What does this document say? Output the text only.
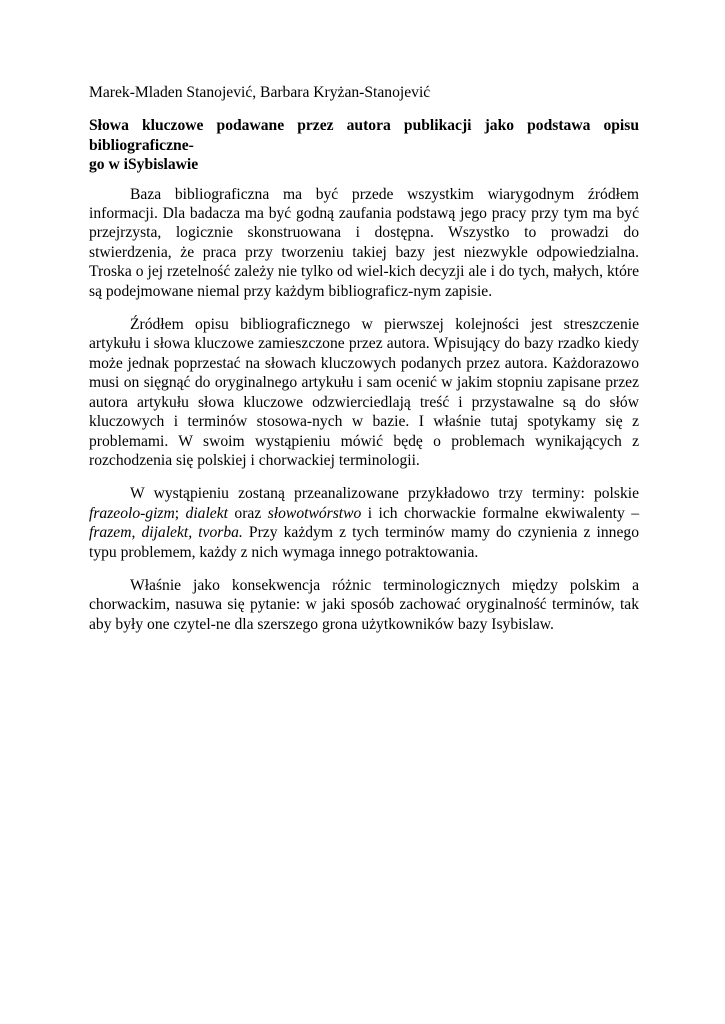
Marek-Mladen Stanojević, Barbara Kryżan-Stanojević

Słowa kluczowe podawane przez autora publikacji jako podstawa opisu bibliograficzne-
go w iSybislawie

Baza bibliograficzna ma być przede wszystkim wiarygodnym źródłem informacji. Dla badacza ma być godną zaufania podstawą jego pracy przy tym ma być przejrzysta, logicznie skonstruowana i dostępna. Wszystko to prowadzi do stwierdzenia, że praca przy tworzeniu takiej bazy jest niezwykle odpowiedzialna. Troska o jej rzetelność zależy nie tylko od wiel-kich decyzji ale i do tych, małych, które są podejmowane niemal przy każdym bibliograficz-nym zapisie.

Źródłem opisu bibliograficznego w pierwszej kolejności jest streszczenie artykułu i słowa kluczowe zamieszczone przez autora. Wpisujący do bazy rzadko kiedy może jednak poprzestać na słowach kluczowych podanych przez autora. Każdorazowo musi on sięgnąć do oryginalnego artykułu i sam ocenić w jakim stopniu zapisane przez autora artykułu słowa kluczowe odzwierciedlają treść i przystawalne są do słów kluczowych i terminów stosowa-nych w bazie. I właśnie tutaj spotykamy się z problemami. W swoim wystąpieniu mówić będę o problemach wynikających z rozchodzenia się polskiej i chorwackiej terminologii.

W wystąpieniu zostaną przeanalizowane przykładowo trzy terminy: polskie frazeolo-gizm; dialekt oraz słowotwórstwo i ich chorwackie formalne ekwiwalenty – frazem, dijalekt, tvorba. Przy każdym z tych terminów mamy do czynienia z innego typu problemem, każdy z nich wymaga innego potraktowania.

Właśnie jako konsekwencja różnic terminologicznych między polskim a chorwackim, nasuwa się pytanie: w jaki sposób zachować oryginalność terminów, tak aby były one czytel-ne dla szerszego grona użytkowników bazy Isybislaw.
